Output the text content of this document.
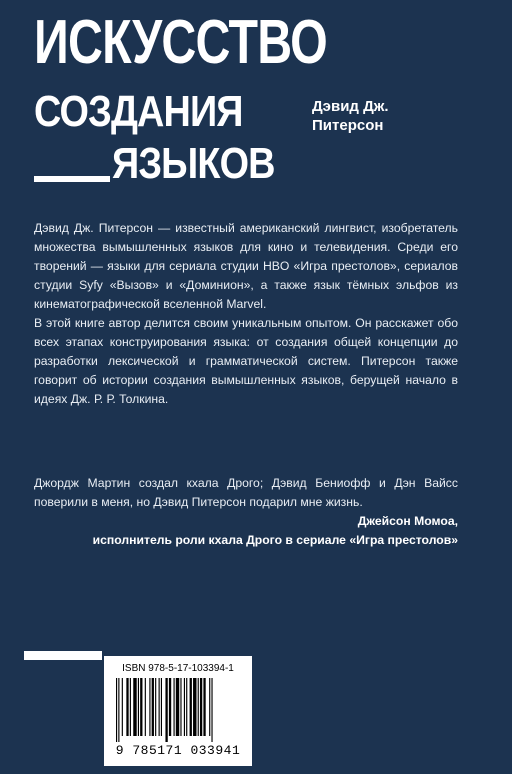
ИСКУССТВО
СОЗДАНИЯ
ЯЗЫКОВ
Дэвид Дж.
Питерсон

Дэвид Дж. Питерсон — известный американский лингвист, изобретатель множества вымышленных языков для кино и телевидения. Среди его творений — языки для сериала студии HBO «Игра престолов», сериалов студии Syfy «Вызов» и «Доминион», а также язык тёмных эльфов из кинематографической вселенной Marvel.

В этой книге автор делится своим уникальным опытом. Он расскажет обо всех этапах конструирования языка: от создания общей концепции до разработки лексической и грамматической систем. Питерсон также говорит об истории создания вымышленных языков, берущей начало в идеях Дж. Р. Р. Толкина.

Джордж Мартин создал кхала Дрого; Дэвид Бениофф и Дэн Вайсс поверили в меня, но Дэвид Питерсон подарил мне жизнь.

Джейсон Момоа,

исполнитель роли кхала Дрого в сериале «Игра престолов»

ISBN 978-5-17-103394-1
9 785171 033941
